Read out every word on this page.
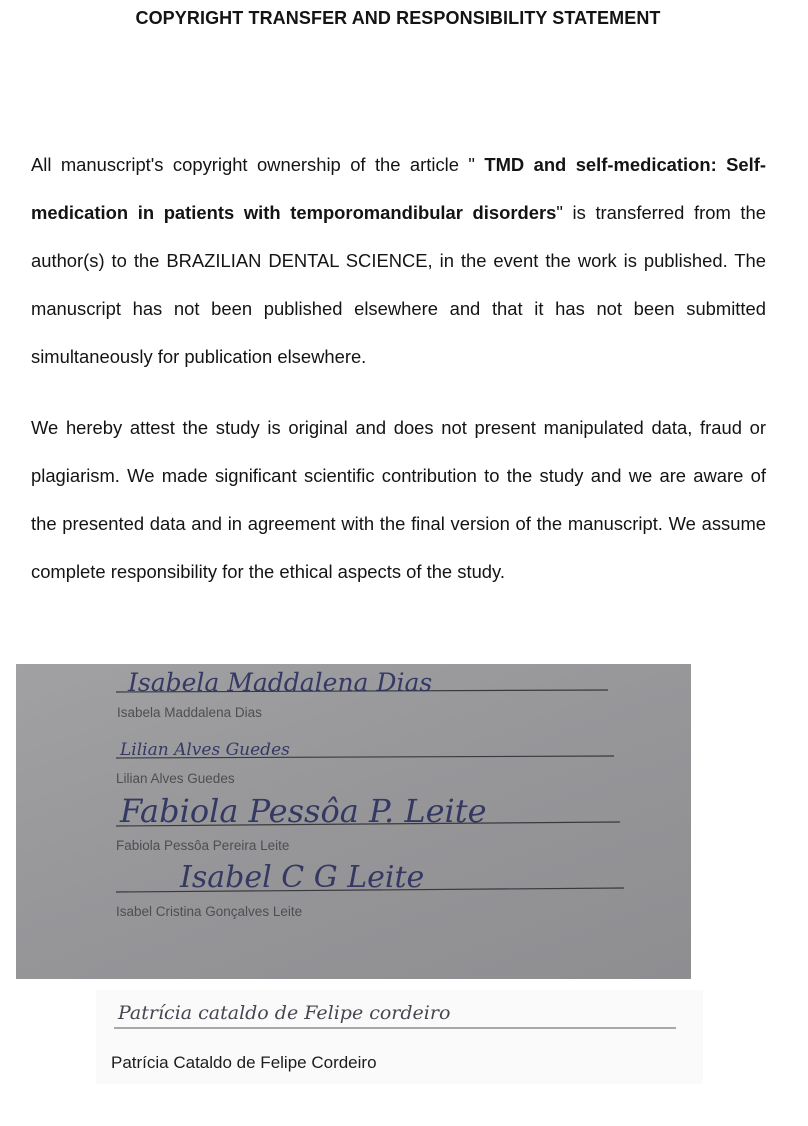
COPYRIGHT TRANSFER AND RESPONSIBILITY STATEMENT

All manuscript's copyright ownership of the article " TMD and self-medication: Self-medication in patients with temporomandibular disorders" is transferred from the author(s) to the BRAZILIAN DENTAL SCIENCE, in the event the work is published. The manuscript has not been published elsewhere and that it has not been submitted simultaneously for publication elsewhere.

We hereby attest the study is original and does not present manipulated data, fraud or plagiarism. We made significant scientific contribution to the study and we are aware of the presented data and in agreement with the final version of the manuscript. We assume complete responsibility for the ethical aspects of the study.

Isabela Maddalena Dias
Isabela Maddalena Dias
Lilian Alves Guedes
Lilian Alves Guedes
Fabiola Pessôa P. Leite
Fabiola Pessôa Pereira Leite
Isabel C G Leite
Isabel Cristina Gonçalves Leite
Patrícia cataldo de Felipe cordeiro
Patrícia Cataldo de Felipe Cordeiro
